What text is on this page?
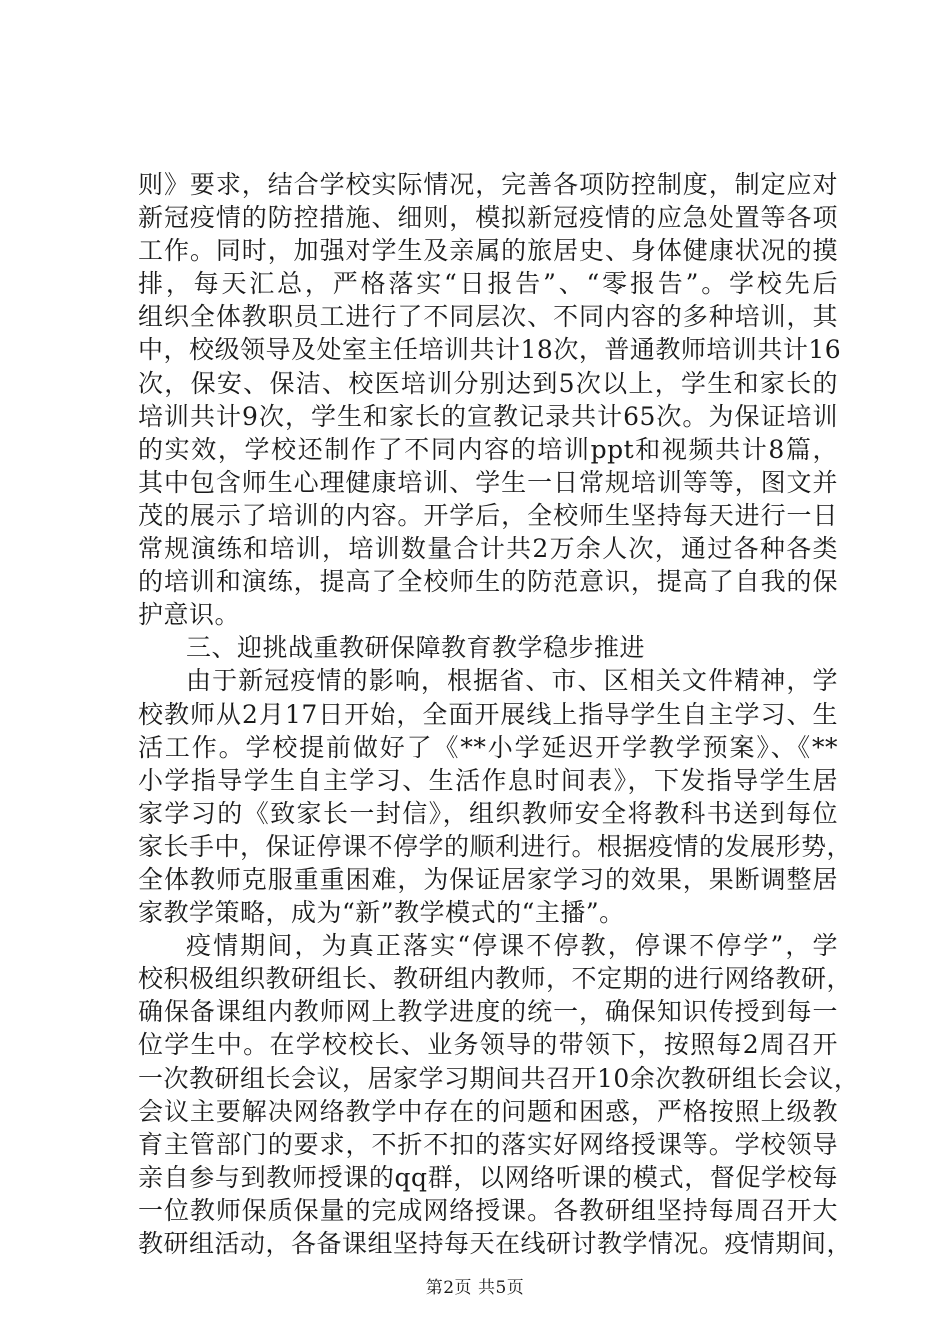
则》要求，结合学校实际情况，完善各项防控制度，制定应对
新冠疫情的防控措施、细则，模拟新冠疫情的应急处置等各项
工作。同时，加强对学生及亲属的旅居史、身体健康状况的摸
排，每天汇总，严格落实“日报告”、“零报告”。学校先后
组织全体教职员工进行了不同层次、不同内容的多种培训，其
中，校级领导及处室主任培训共计18次，普通教师培训共计16
次，保安、保洁、校医培训分别达到5次以上，学生和家长的
培训共计9次，学生和家长的宣教记录共计65次。为保证培训
的实效，学校还制作了不同内容的培训ppt和视频共计8篇，
其中包含师生心理健康培训、学生一日常规培训等等，图文并
茂的展示了培训的内容。开学后，全校师生坚持每天进行一日
常规演练和培训，培训数量合计共2万余人次，通过各种各类
的培训和演练，提高了全校师生的防范意识，提高了自我的保
护意识。
三、迎挑战重教研保障教育教学稳步推进
由于新冠疫情的影响，根据省、市、区相关文件精神，学
校教师从2月17日开始，全面开展线上指导学生自主学习、生
活工作。学校提前做好了《**小学延迟开学教学预案》、《**
小学指导学生自主学习、生活作息时间表》，下发指导学生居
家学习的《致家长一封信》，组织教师安全将教科书送到每位
家长手中，保证停课不停学的顺利进行。根据疫情的发展形势，
全体教师克服重重困难，为保证居家学习的效果，果断调整居
家教学策略，成为“新”教学模式的“主播”。
疫情期间，为真正落实“停课不停教，停课不停学”，学
校积极组织教研组长、教研组内教师，不定期的进行网络教研，
确保备课组内教师网上教学进度的统一，确保知识传授到每一
位学生中。在学校校长、业务领导的带领下，按照每2周召开
一次教研组长会议，居家学习期间共召开10余次教研组长会议，
会议主要解决网络教学中存在的问题和困惑，严格按照上级教
育主管部门的要求，不折不扣的落实好网络授课等。学校领导
亲自参与到教师授课的qq群，以网络听课的模式，督促学校每
一位教师保质保量的完成网络授课。各教研组坚持每周召开大
教研组活动，各备课组坚持每天在线研讨教学情况。疫情期间，
第2页 共5页
